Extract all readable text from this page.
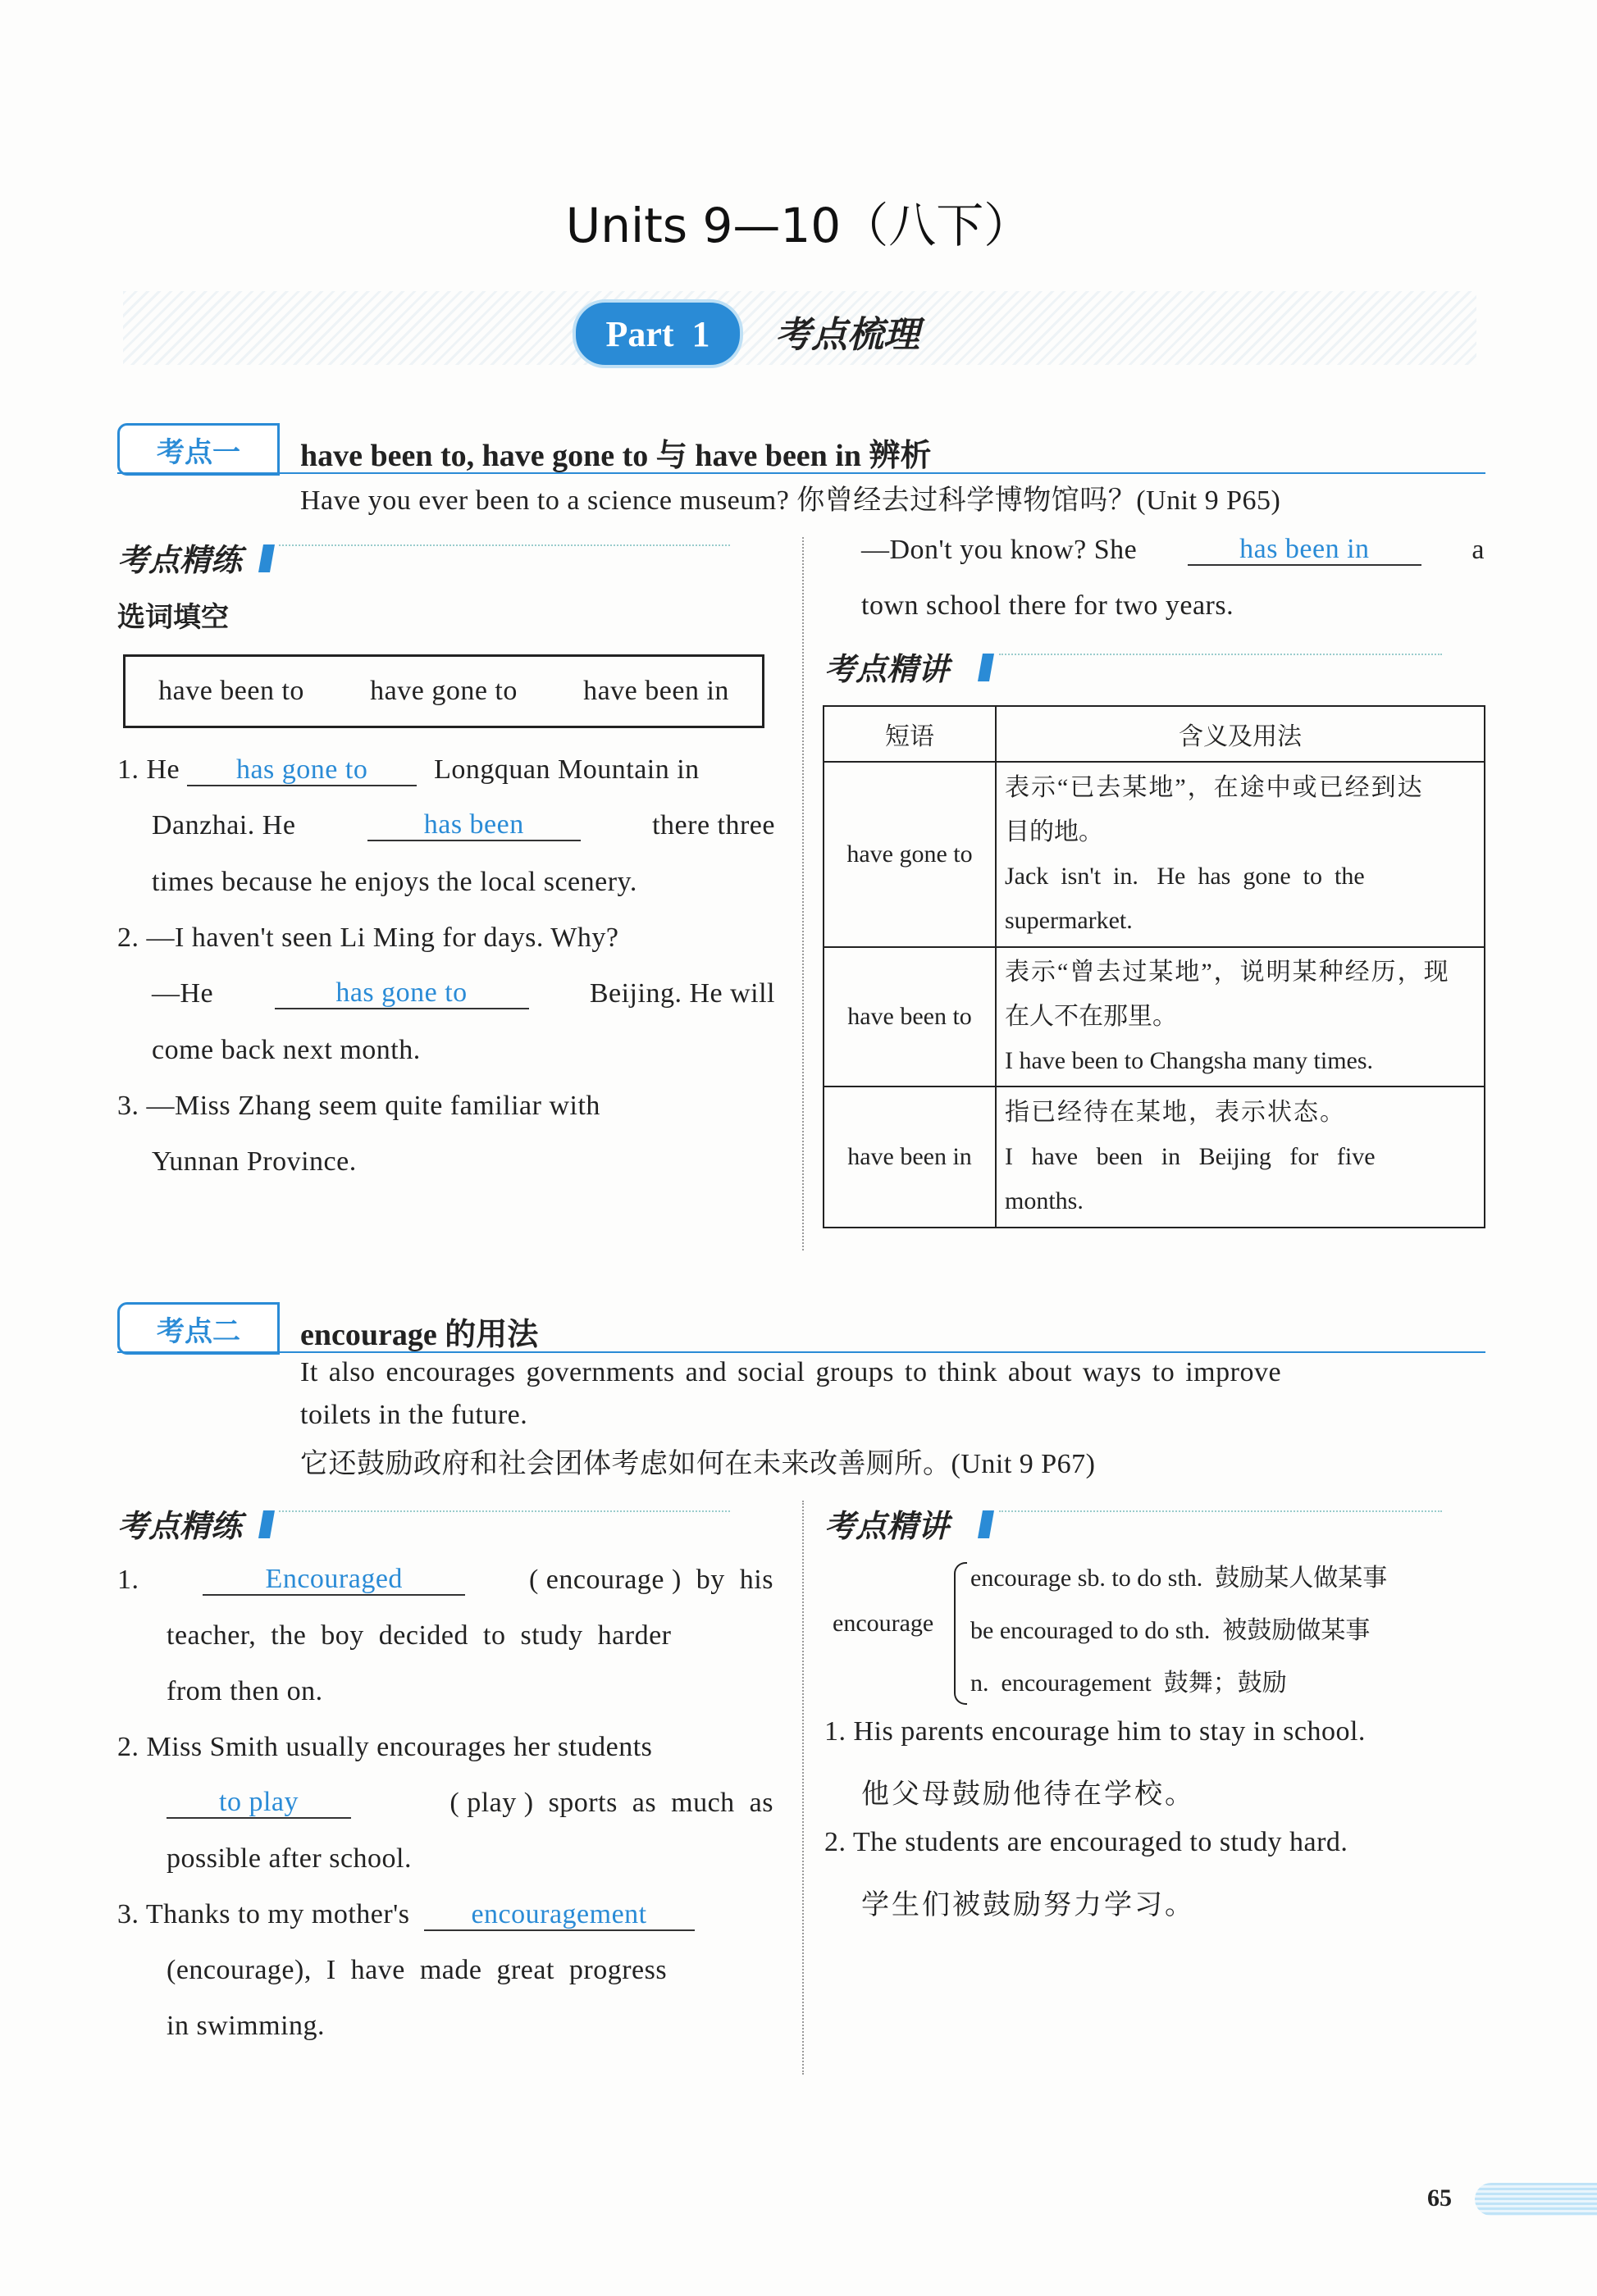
Units 9—10（八下）
Part 1 考点梳理
考点一	have been to, have gone to 与 have been in 辨析
Have you ever been to a science museum? 你曾经去过科学博物馆吗？(Unit 9 P65)
考点精练
选词填空
have been to have gone to have been in
1. He has gone to Longquan Mountain in
Danzhai. He	has been	there three
times because he enjoys the local scenery.
2. —I haven't seen Li Ming for days. Why?
—He	has gone to	Beijing. He will
come back next month.
3. —Miss Zhang seem quite familiar with
Yunnan Province.
—Don't you know? She	has been in	a
town school there for two years.
考点精讲
短语	含义及用法
have gone to	表示“已去某地”，在途中或已经到达
目的地。
Jack  isn't  in.   He  has  gone  to  the
supermarket.

have been to	表示“曾去过某地”，说明某种经历，现
在人不在那里。
I have been to Changsha many times.

have been in	指已经待在某地，表示状态。
I   have   been   in   Beijing   for   five
months.
考点二	encourage 的用法
It also encourages governments and social groups to think about ways to improve
toilets in the future.
它还鼓励政府和社会团体考虑如何在未来改善厕所。(Unit 9 P67)
考点精练
1.	Encouraged	( encourage )  by  his
teacher,  the  boy  decided  to  study  harder
from then on.
2. Miss Smith usually encourages her students
to play	( play )  sports  as  much  as
possible after school.
3. Thanks to my mother's encouragement
(encourage),  I  have  made  great  progress
in swimming.
考点精讲
encourage
encourage sb. to do sth.  鼓励某人做某事
be encouraged to do sth.  被鼓励做某事
n.  encouragement  鼓舞；鼓励
1. His parents encourage him to stay in school.
他父母鼓励他待在学校。
2. The students are encouraged to study hard.
学生们被鼓励努力学习。
65
